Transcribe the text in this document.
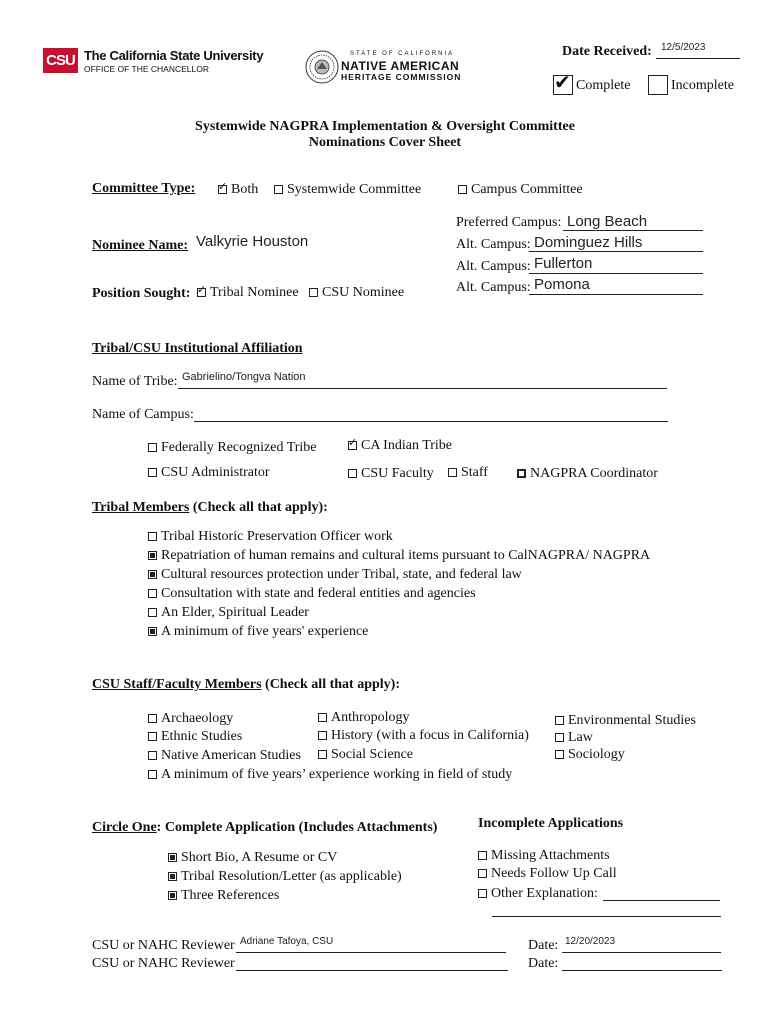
CSU The California State University
OFFICE OF THE CHANCELLOR
STATE OF CALIFORNIA
NATIVE AMERICAN
HERITAGE COMMISSION
Date Received: 12/5/2023
✔ Complete	Incomplete
Systemwide NAGPRA Implementation & Oversight Committee
Nominations Cover Sheet
Committee Type: ✓	Both	Systemwide Committee	Campus Committee
Preferred Campus: Long Beach
Alt. Campus: Dominguez Hills
Alt. Campus: Fullerton
Alt. Campus: Pomona
Nominee Name: Valkyrie Houston
Position Sought: ✓	Tribal Nominee	CSU Nominee
Tribal/CSU Institutional Affiliation
Name of Tribe: Gabrielino/Tongva Nation
Name of Campus:
Federally Recognized Tribe ✓	CA Indian Tribe
CSU Administrator	CSU Faculty	Staff	NAGPRA Coordinator
Tribal Members (Check all that apply):
Tribal Historic Preservation Officer work
Repatriation of human remains and cultural items pursuant to CalNAGPRA/ NAGPRA
Cultural resources protection under Tribal, state, and federal law
Consultation with state and federal entities and agencies
An Elder, Spiritual Leader
A minimum of five years' experience
CSU Staff/Faculty Members (Check all that apply):
Archaeology	Anthropology	Environmental Studies
Ethnic Studies	History (with a focus in California)	Law
Native American Studies	Social Science	Sociology
A minimum of five years’ experience working in field of study
Circle One: Complete Application (Includes Attachments)
Short Bio, A Resume or CV
Tribal Resolution/Letter (as applicable)
Three References
Incomplete Applications
Missing Attachments
Needs Follow Up Call
Other Explanation:
CSU or NAHC Reviewer Adriane Tafoya, CSU	Date: 12/20/2023
CSU or NAHC Reviewer	Date:
